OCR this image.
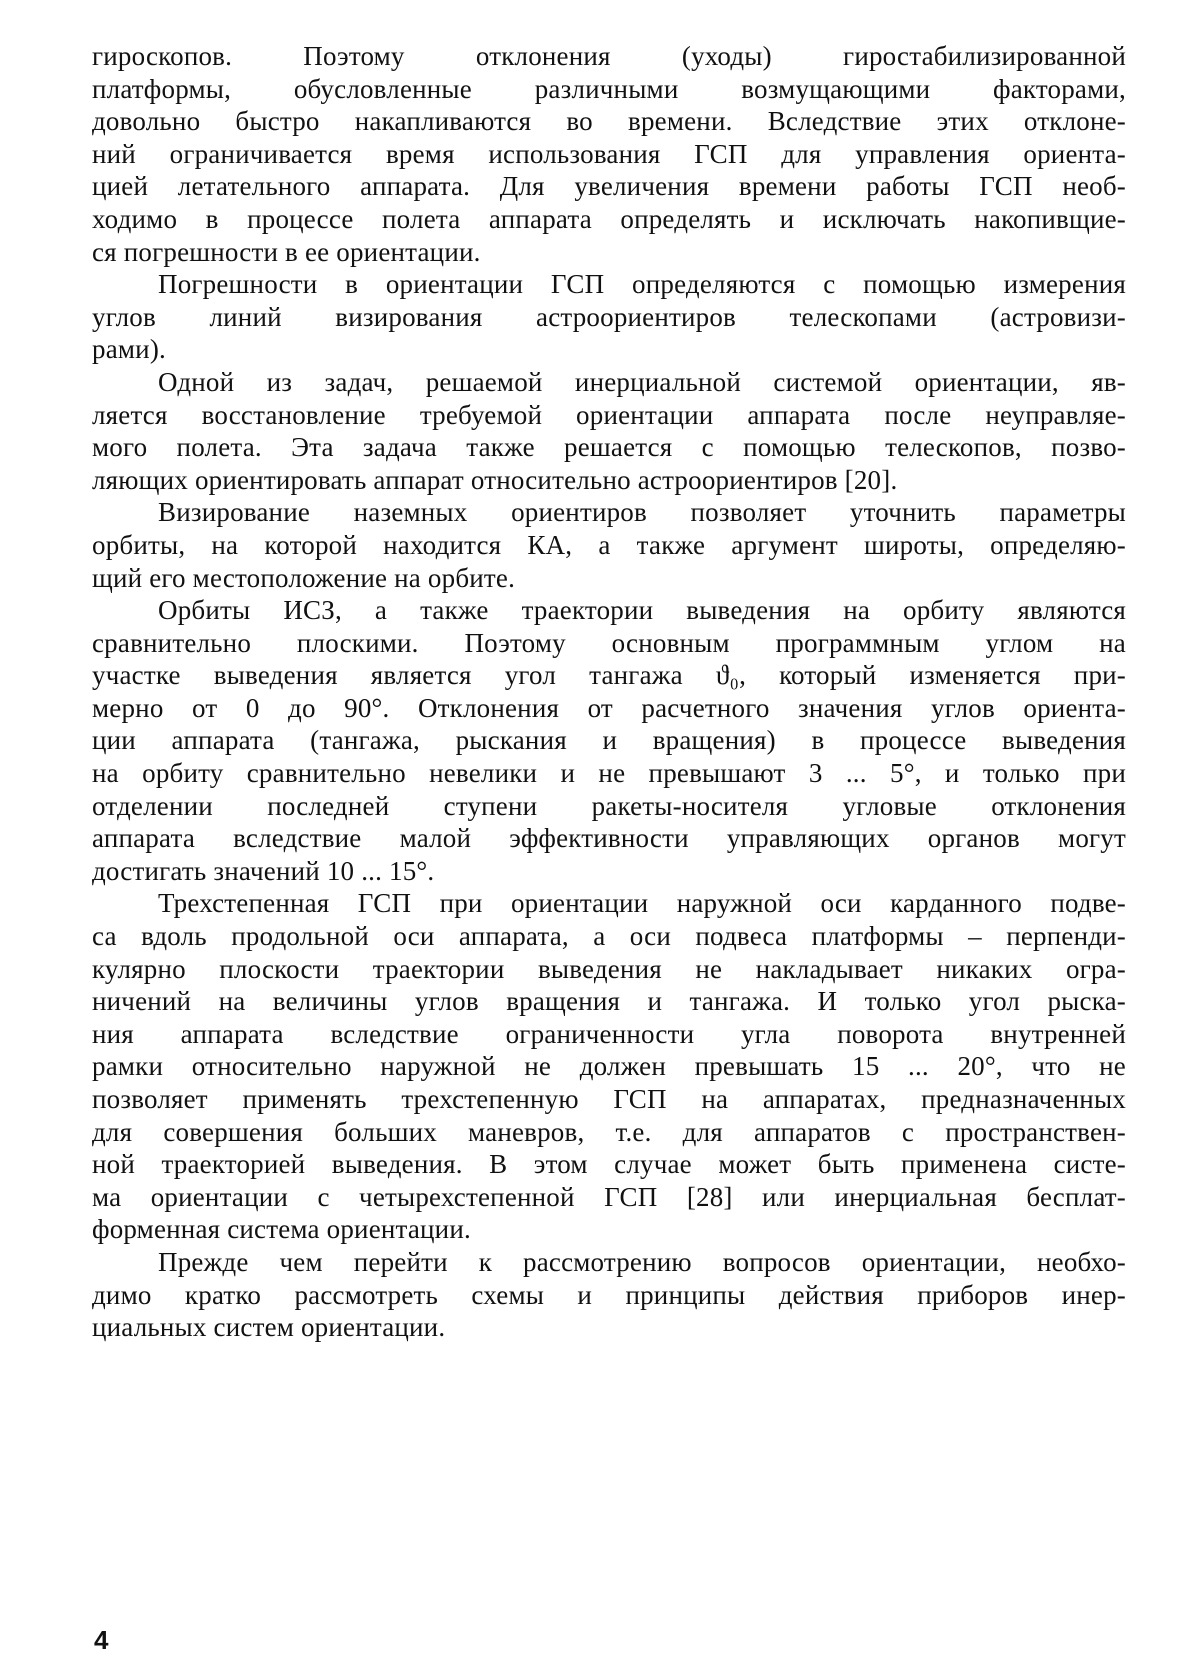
гироскопов. Поэтому отклонения (уходы) гиростабилизированной
платформы, обусловленные различными возмущающими факторами,
довольно быстро накапливаются во времени. Вследствие этих отклоне-
ний ограничивается время использования ГСП для управления ориента-
цией летательного аппарата. Для увеличения времени работы ГСП необ-
ходимо в процессе полета аппарата определять и исключать накопивщие-
ся погрешности в ее ориентации.
Погрешности в ориентации ГСП определяются с помощью измерения
углов линий визирования астроориентиров телескопами (астровизи-
рами).
Одной из задач, решаемой инерциальной системой ориентации, яв-
ляется восстановление требуемой ориентации аппарата после неуправляе-
мого полета. Эта задача также решается с помощью телескопов, позво-
ляющих ориентировать аппарат относительно астроориентиров [20].
Визирование наземных ориентиров позволяет уточнить параметры
орбиты, на которой находится КА, а также аргумент широты, определяю-
щий его местоположение на орбите.
Орбиты ИСЗ, а также траектории выведения на орбиту являются
сравнительно плоскими. Поэтому основным программным углом на
участке выведения является угол тангажа ϑ₀, который изменяется при-
мерно от 0 до 90°. Отклонения от расчетного значения углов ориента-
ции аппарата (тангажа, рыскания и вращения) в процессе выведения
на орбиту сравнительно невелики и не превышают 3 ... 5°, и только при
отделении последней ступени ракеты-носителя угловые отклонения
аппарата вследствие малой эффективности управляющих органов могут
достигать значений 10 ... 15°.
Трехстепенная ГСП при ориентации наружной оси карданного подве-
са вдоль продольной оси аппарата, а оси подвеса платформы – перпенди-
кулярно плоскости траектории выведения не накладывает никаких огра-
ничений на величины углов вращения и тангажа. И только угол рыска-
ния аппарата вследствие ограниченности угла поворота внутренней
рамки относительно наружной не должен превышать 15 ... 20°, что не
позволяет применять трехстепенную ГСП на аппаратах, предназначенных
для совершения больших маневров, т.е. для аппаратов с пространствен-
ной траекторией выведения. В этом случае может быть применена систе-
ма ориентации с четырехстепенной ГСП [28] или инерциальная бесплат-
форменная система ориентации.
Прежде чем перейти к рассмотрению вопросов ориентации, необхо-
димо кратко рассмотреть схемы и принципы действия приборов инер-
циальных систем ориентации.
4
